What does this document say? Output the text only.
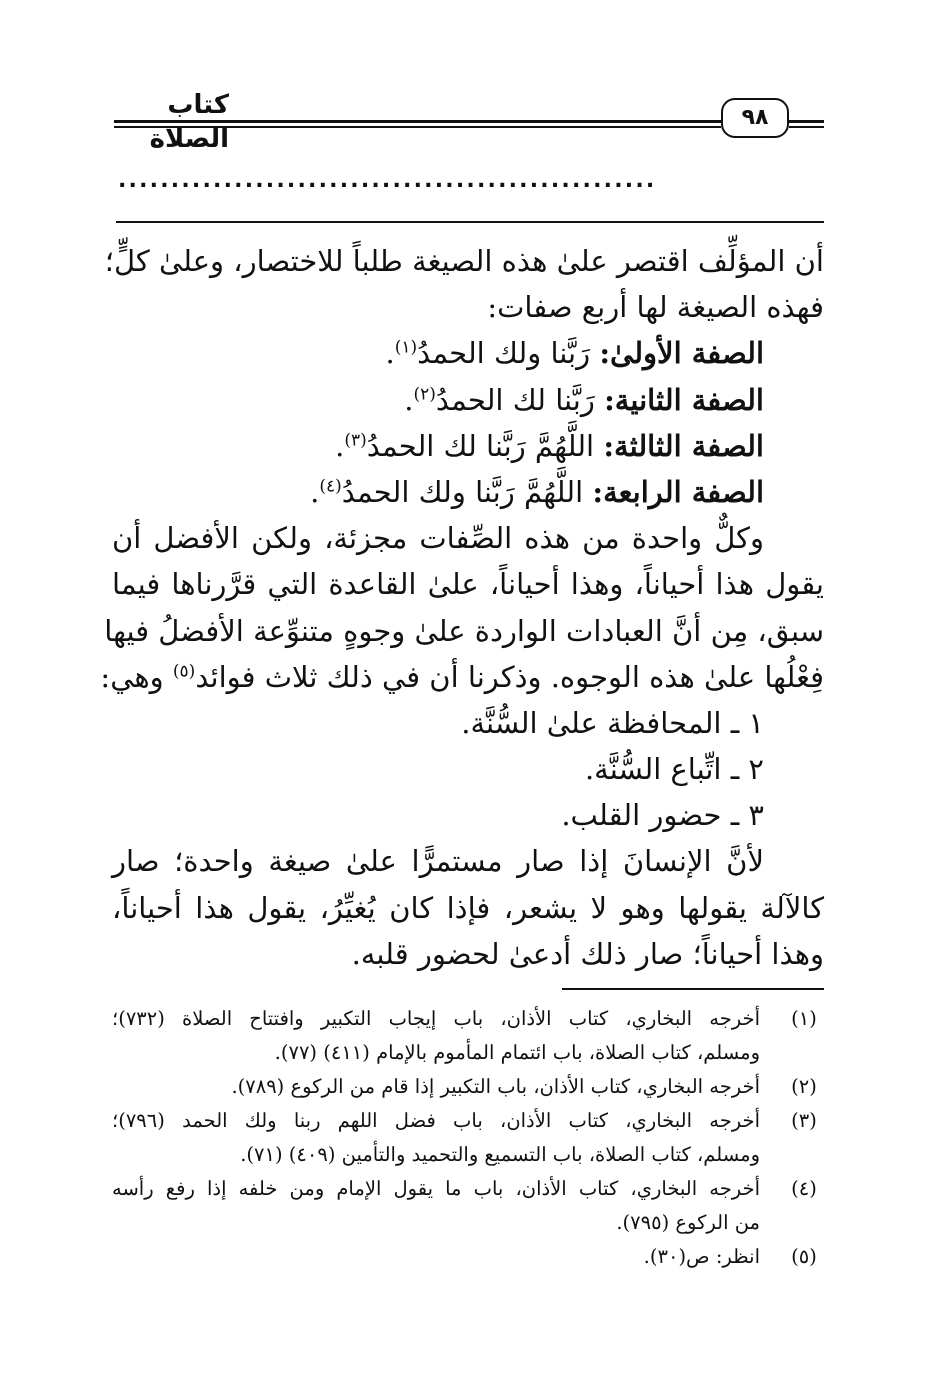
كتاب الصلاة
٩٨
...................................................
أن المؤلِّف اقتصر علىٰ هذه الصيغة طلباً للاختصار، وعلىٰ كلٍّ؛
فهذه الصيغة لها أربع صفات:
الصفة الأولىٰ: رَبَّنا ولك الحمدُ$^{(١)}$.
الصفة الثانية: رَبَّنا لك الحمدُ$^{(٢)}$.
الصفة الثالثة: اللَّهُمَّ رَبَّنا لك الحمدُ$^{(٣)}$.
الصفة الرابعة: اللَّهُمَّ رَبَّنا ولك الحمدُ$^{(٤)}$.
وكلٌّ واحدة من هذه الصِّفات مجزئة، ولكن الأفضل أن
يقول هذا أحياناً، وهذا أحياناً، علىٰ القاعدة التي قرَّرناها فيما
سبق، مِن أنَّ العبادات الواردة علىٰ وجوهٍ متنوِّعة الأفضلُ فيها
فِعْلُها علىٰ هذه الوجوه. وذكرنا أن في ذلك ثلاث فوائد$^{(٥)}$ وهي:
١ ـ المحافظة علىٰ السُّنَّة.
٢ ـ اتِّباع السُّنَّة.
٣ ـ حضور القلب.
لأنَّ الإنسانَ إذا صار مستمرًّا علىٰ صيغة واحدة؛ صار
كالآلة يقولها وهو لا يشعر، فإذا كان يُغيِّرُ، يقول هذا أحياناً،
وهذا أحياناً؛ صار ذلك أدعىٰ لحضور قلبه.
(١)
أخرجه البخاري، كتاب الأذان، باب إيجاب التكبير وافتتاح الصلاة (٧٣٢)؛
ومسلم، كتاب الصلاة، باب ائتمام المأموم بالإمام (٤١١) (٧٧).
(٢)
أخرجه البخاري، كتاب الأذان، باب التكبير إذا قام من الركوع (٧٨٩).
(٣)
أخرجه البخاري، كتاب الأذان، باب فضل اللهم ربنا ولك الحمد (٧٩٦)؛
ومسلم، كتاب الصلاة، باب التسميع والتحميد والتأمين (٤٠٩) (٧١).
(٤)
أخرجه البخاري، كتاب الأذان، باب ما يقول الإمام ومن خلفه إذا رفع رأسه
من الركوع (٧٩٥).
(٥)
انظر: ص(٣٠).
